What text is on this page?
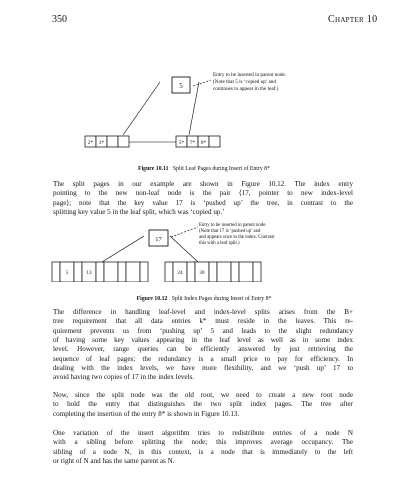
350	Chapter 10
5
Entry to be inserted in parent node.
(Note that 5 is ‘copied up’ and
continues to appear in the leaf.)
2* 3*	5* 7* 8*
Figure 10.11 Split Leaf Pages during Insert of Entry 8*
The split pages in our example are shown in Figure 10.12. The index entry
pointing to the new non-leaf node is the pair ⟨17, pointer to new index-level
page⟩; note that the key value 17 is ‘pushed up’ the tree, in contrast to the
splitting key value 5 in the leaf split, which was ‘copied up.’
17
Entry to be inserted in parent node.
(Note that 17 is ‘pushed up’ and
and appears once in the index. Contrast
this with a leaf split.)
5	13	24	30
Figure 10.12 Split Index Pages during Insert of Entry 8*
The difference in handling leaf-level and index-level splits arises from the B+
tree requirement that all data entries k* must reside in the leaves. This re-
quirement prevents us from ‘pushing up’ 5 and leads to the slight redundancy
of having some key values appearing in the leaf level as well as in some index
level. However, range queries can be efficiently answered by just retrieving the
sequence of leaf pages; the redundancy is a small price to pay for efficiency. In
dealing with the index levels, we have more flexibility, and we ‘push up’ 17 to
avoid having two copies of 17 in the index levels.
Now, since the split node was the old root, we need to create a new root node
to hold the entry that distinguishes the two split index pages. The tree after
completing the insertion of the entry 8* is shown in Figure 10.13.
One variation of the insert algorithm tries to redistribute entries of a node N
with a sibling before splitting the node; this improves average occupancy. The
sibling of a node N, in this context, is a node that is immediately to the left
or right of N and has the same parent as N.
